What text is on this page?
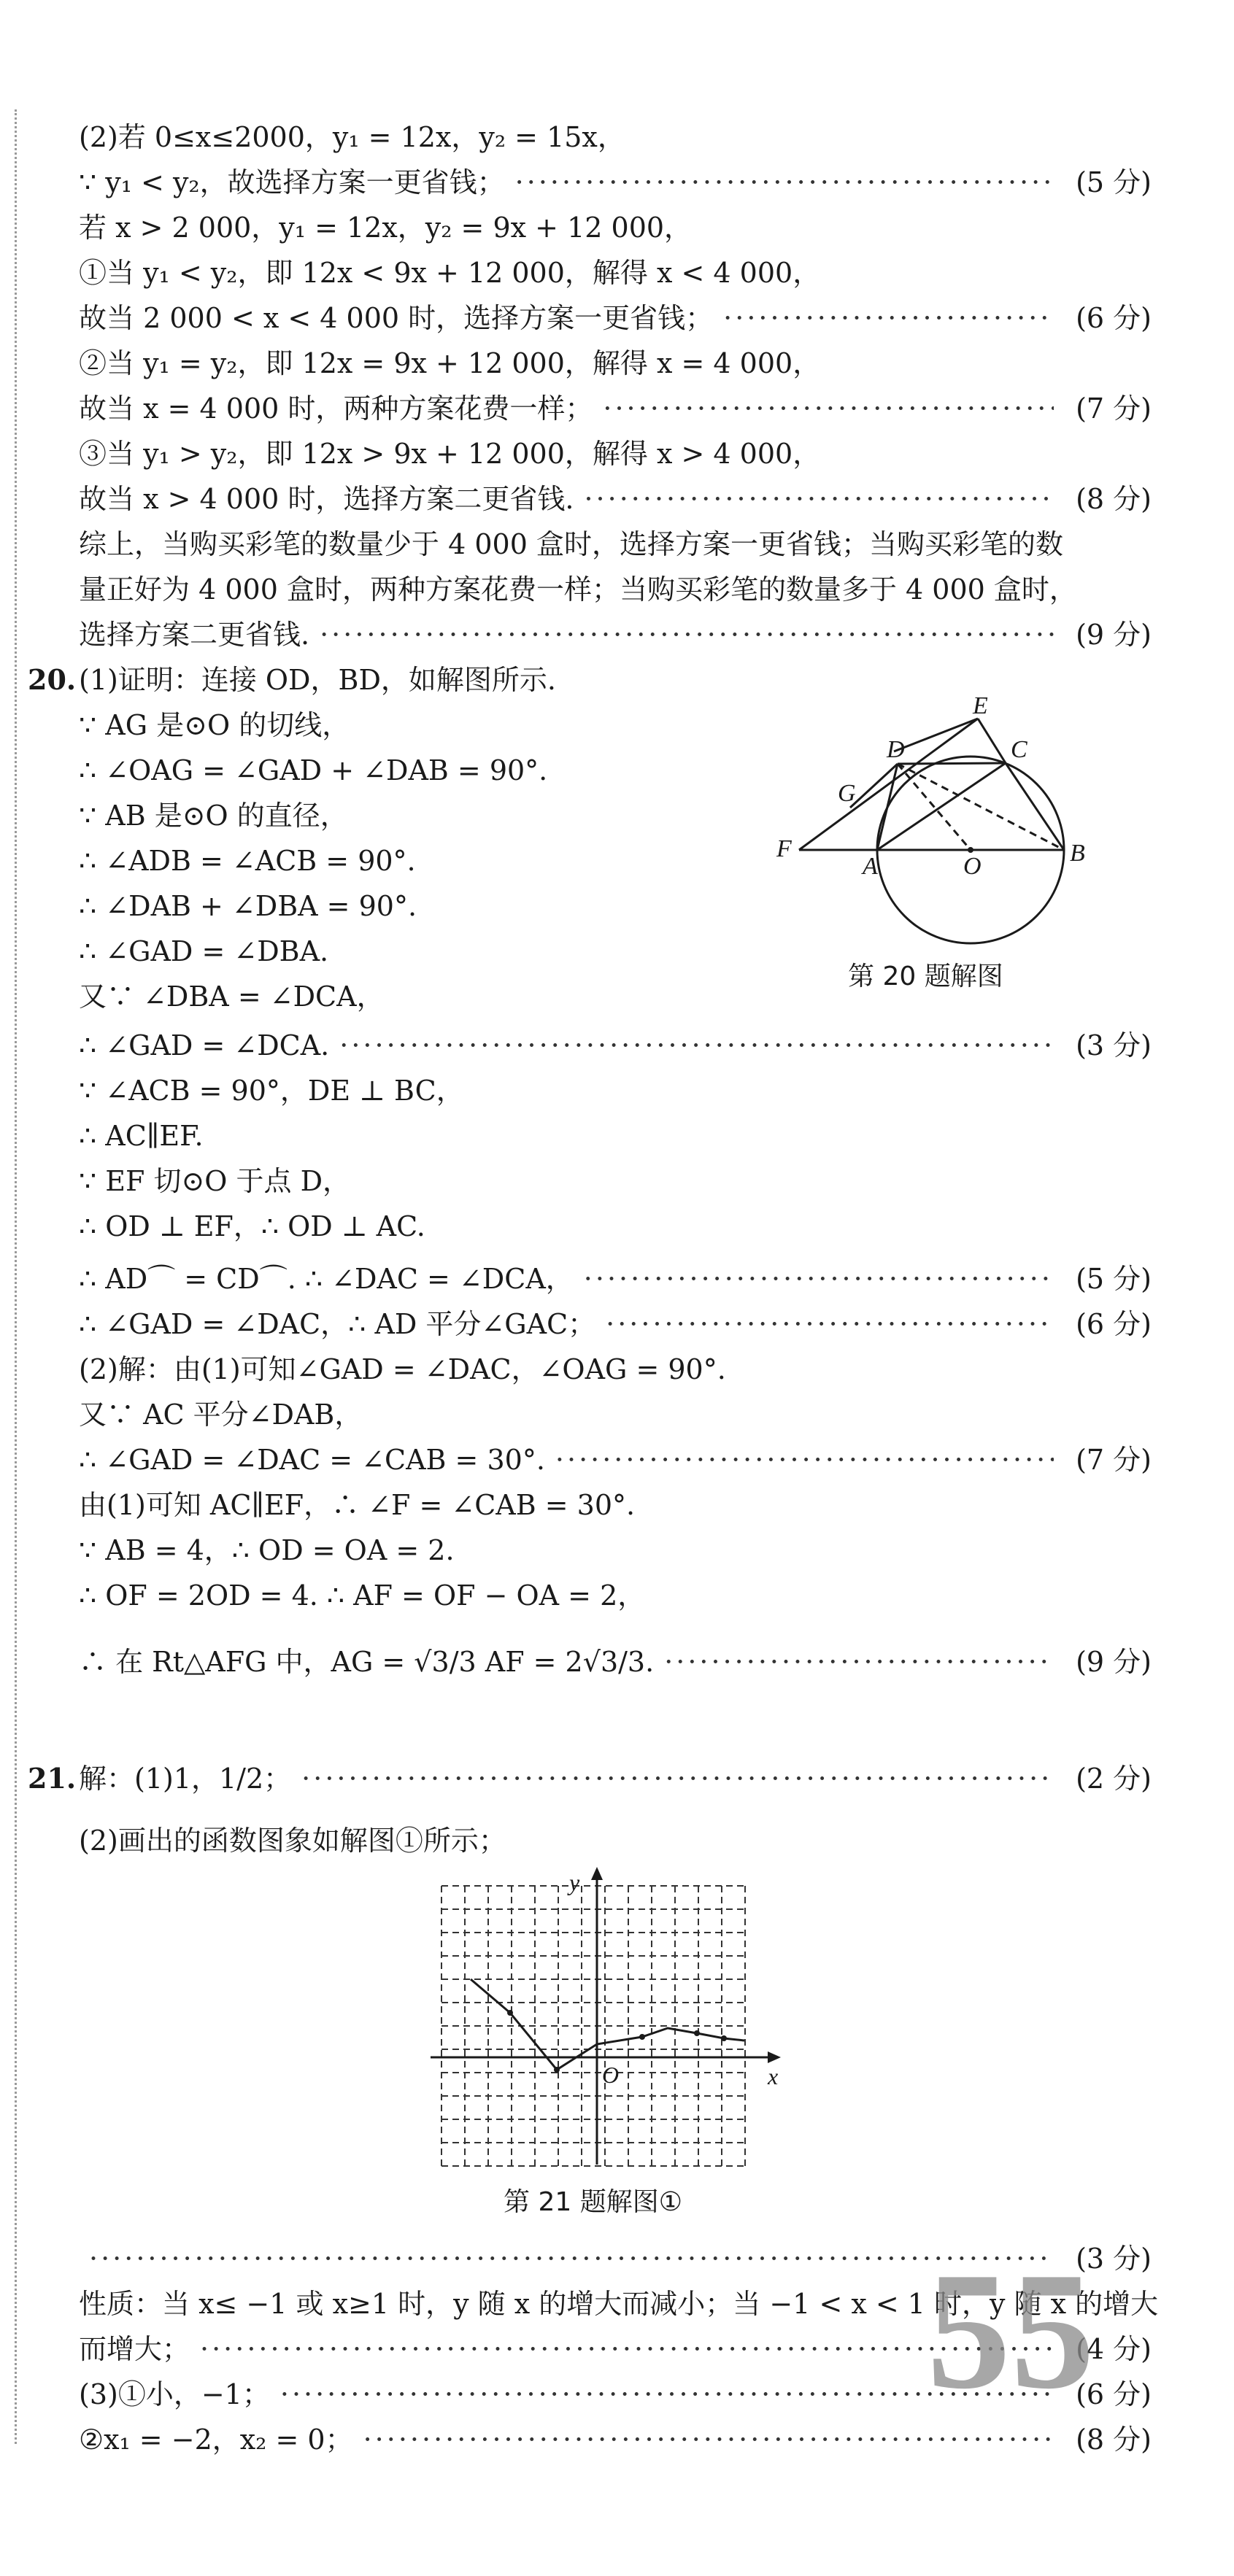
(2)若 0≤x≤2000，y₁ = 12x，y₂ = 15x，
∵ y₁ < y₂，故选择方案一更省钱； ·····	(5 分)
若 x > 2 000，y₁ = 12x，y₂ = 9x + 12 000，
①当 y₁ < y₂，即 12x < 9x + 12 000，解得 x < 4 000，
故当 2 000 < x < 4 000 时，选择方案一更省钱； ·····	(6 分)
②当 y₁ = y₂，即 12x = 9x + 12 000，解得 x = 4 000，
故当 x = 4 000 时，两种方案花费一样； ·····	(7 分)
③当 y₁ > y₂，即 12x > 9x + 12 000，解得 x > 4 000，
故当 x > 4 000 时，选择方案二更省钱. ·····	(8 分)
综上，当购买彩笔的数量少于 4 000 盒时，选择方案一更省钱；当购买彩笔的数
量正好为 4 000 盒时，两种方案花费一样；当购买彩笔的数量多于 4 000 盒时，
选择方案二更省钱. ·····	(9 分)
20. (1)证明：连接 OD，BD，如解图所示.
∵ AG 是⊙O 的切线，
∴ ∠OAG = ∠GAD + ∠DAB = 90°.
∵ AB 是⊙O 的直径，
∴ ∠ADB = ∠ACB = 90°.
∴ ∠DAB + ∠DBA = 90°.
∴ ∠GAD = ∠DBA.
又∵ ∠DBA = ∠DCA，
∴ ∠GAD = ∠DCA. ·····	(3 分)
∵ ∠ACB = 90°，DE ⊥ BC，
∴ AC∥EF.
∵ EF 切⊙O 于点 D，
∴ OD ⊥ EF，∴ OD ⊥ AC.
∴ AD⌒ = CD⌒. ∴ ∠DAC = ∠DCA， ·····	(5 分)
∴ ∠GAD = ∠DAC，∴ AD 平分∠GAC； ·····	(6 分)
(2)解：由(1)可知∠GAD = ∠DAC，∠OAG = 90°.
又∵ AC 平分∠DAB，
∴ ∠GAD = ∠DAC = ∠CAB = 30°. ·····	(7 分)
由(1)可知 AC∥EF，∴ ∠F = ∠CAB = 30°.
∵ AB = 4，∴ OD = OA = 2.
∴ OF = 2OD = 4. ∴ AF = OF − OA = 2，
∴ 在 Rt△AFG 中，AG = √3/3 AF = 2√3/3. ·····	(9 分)
E
D	C
G
F
A	O	B
第 20 题解图
21. 解：(1)1，1/2； ·····	(2 分)
(2)画出的函数图象如解图①所示；
y
x
O
第 21 题解图①
·····
(3 分)
性质：当 x≤ −1 或 x≥1 时，y 随 x 的增大而减小；当 −1 < x < 1 时，y 随 x 的增大
而增大； ·····	(4 分)
(3)①小，−1； ·····	(6 分)
②x₁ = −2，x₂ = 0； ·····	(8 分)
55
